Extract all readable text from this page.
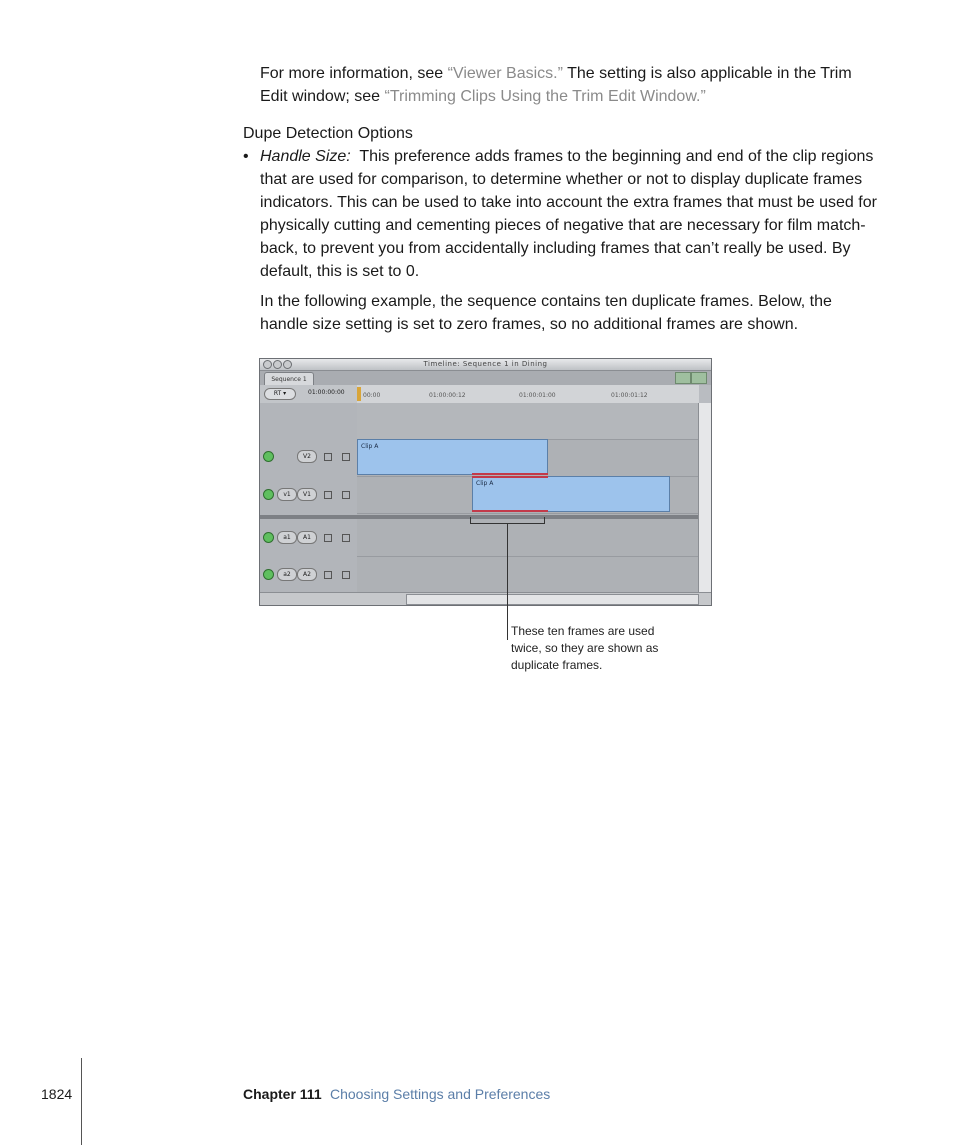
For more information, see “Viewer Basics.” The setting is also applicable in the Trim Edit window; see “Trimming Clips Using the Trim Edit Window.”

Dupe Detection Options
• Handle Size:  This preference adds frames to the beginning and end of the clip regions that are used for comparison, to determine whether or not to display duplicate frames indicators. This can be used to take into account the extra frames that must be used for physically cutting and cementing pieces of negative that are necessary for film match-back, to prevent you from accidentally including frames that can’t really be used. By default, this is set to 0.

In the following example, the sequence contains ten duplicate frames. Below, the handle size setting is set to zero frames, so no additional frames are shown.

Timeline: Sequence 1 in Dining
Sequence 1
RT ▾	01:00:00:00	00:00	01:00:00:12	01:00:01:00	01:00:01:12
V2
v1	V1
a1	A1
a2	A2
Clip A
Clip A
These ten frames are used twice, so they are shown as duplicate frames.
1824	Chapter 111 Choosing Settings and Preferences
